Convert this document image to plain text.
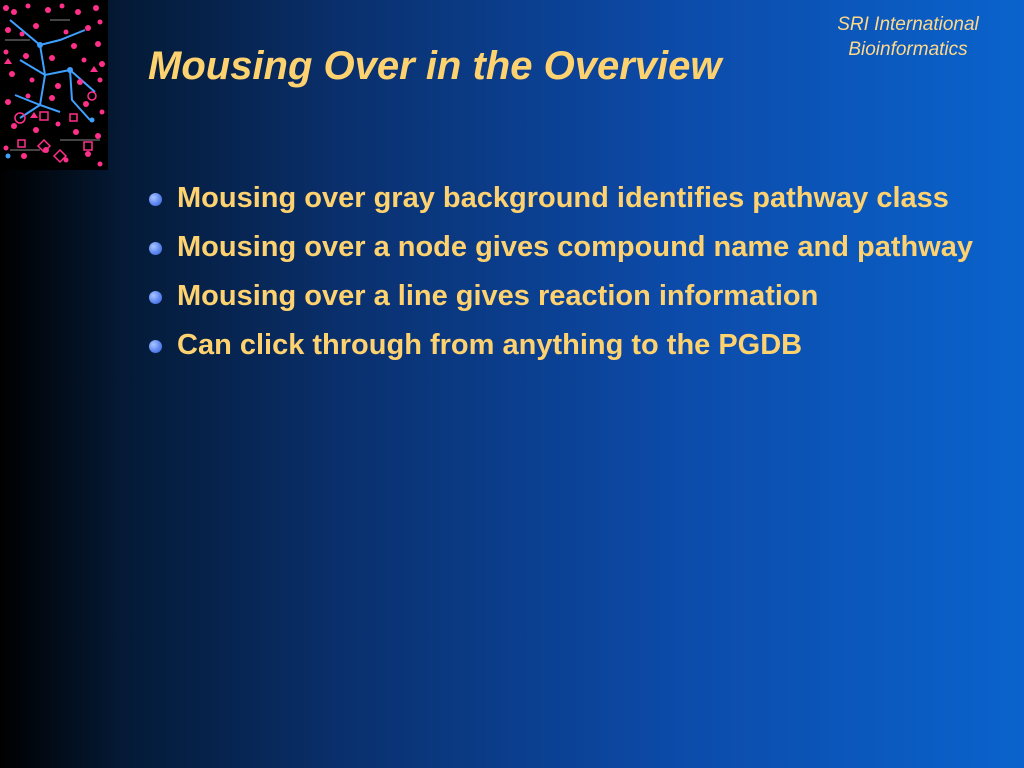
SRI International
Bioinformatics
Mousing Over in the Overview
Mousing over gray background identifies pathway class
Mousing over a node gives compound name and pathway
Mousing over a line gives reaction information
Can click through from anything to the PGDB
